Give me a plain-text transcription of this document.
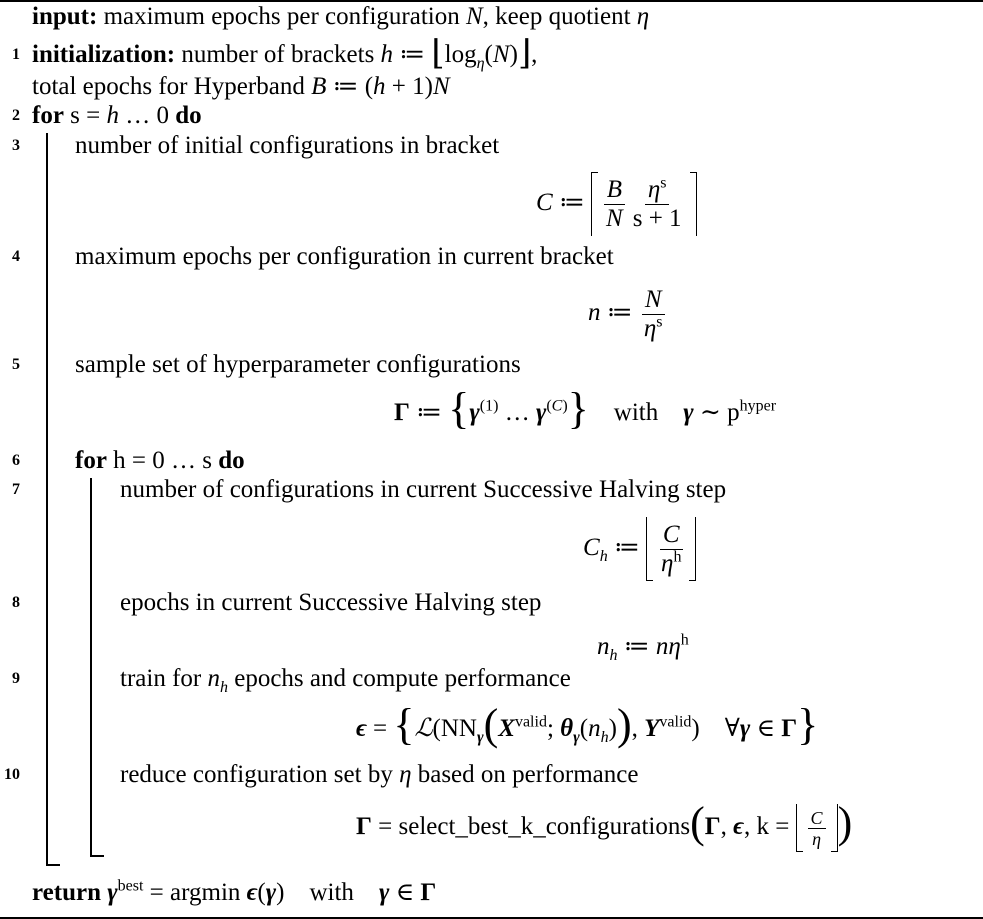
input: maximum epochs per configuration N, keep quotient η
1 initialization: number of brackets h ≔ $⌊\log_\eta(N)⌋$,
total epochs for Hyperband B ≔ (h + 1)N
2 for s = h … 0 do
3 number of initial configurations in bracket
C ≔ $\frac{B}{N} \frac{\eta^s}{s + 1}$
4 maximum epochs per configuration in current bracket
n ≔ $\frac{N}{\eta^s}$
5 sample set of hyperparameter configurations
Γ ≔ {$\gamma^{(1)}$ … $\gamma^{(C)}$} with γ ∼ $p^{hyper}$
6 for h = 0 … s do
7	number of configurations in current Successive Halving step
$C_h$ ≔ $\frac{C}{\eta^h}$
8	epochs in current Successive Halving step
$n_h$ ≔ $n\eta^h$
9	train for $n_h$ epochs and compute performance
$\epsilon = \{ℒ(NN_\gamma(X^{valid}$; $\theta_\gamma(n_h)$), $Y^{valid}$)    ∀γ ∈ Γ}
10	reduce configuration set by η based on performance
Γ = select_best_k_configurations(Γ, ϵ, $k = \frac{C}{\eta}$ )
return $\gamma^{best} = argmin$ ϵ(γ)    with γ ∈ Γ
